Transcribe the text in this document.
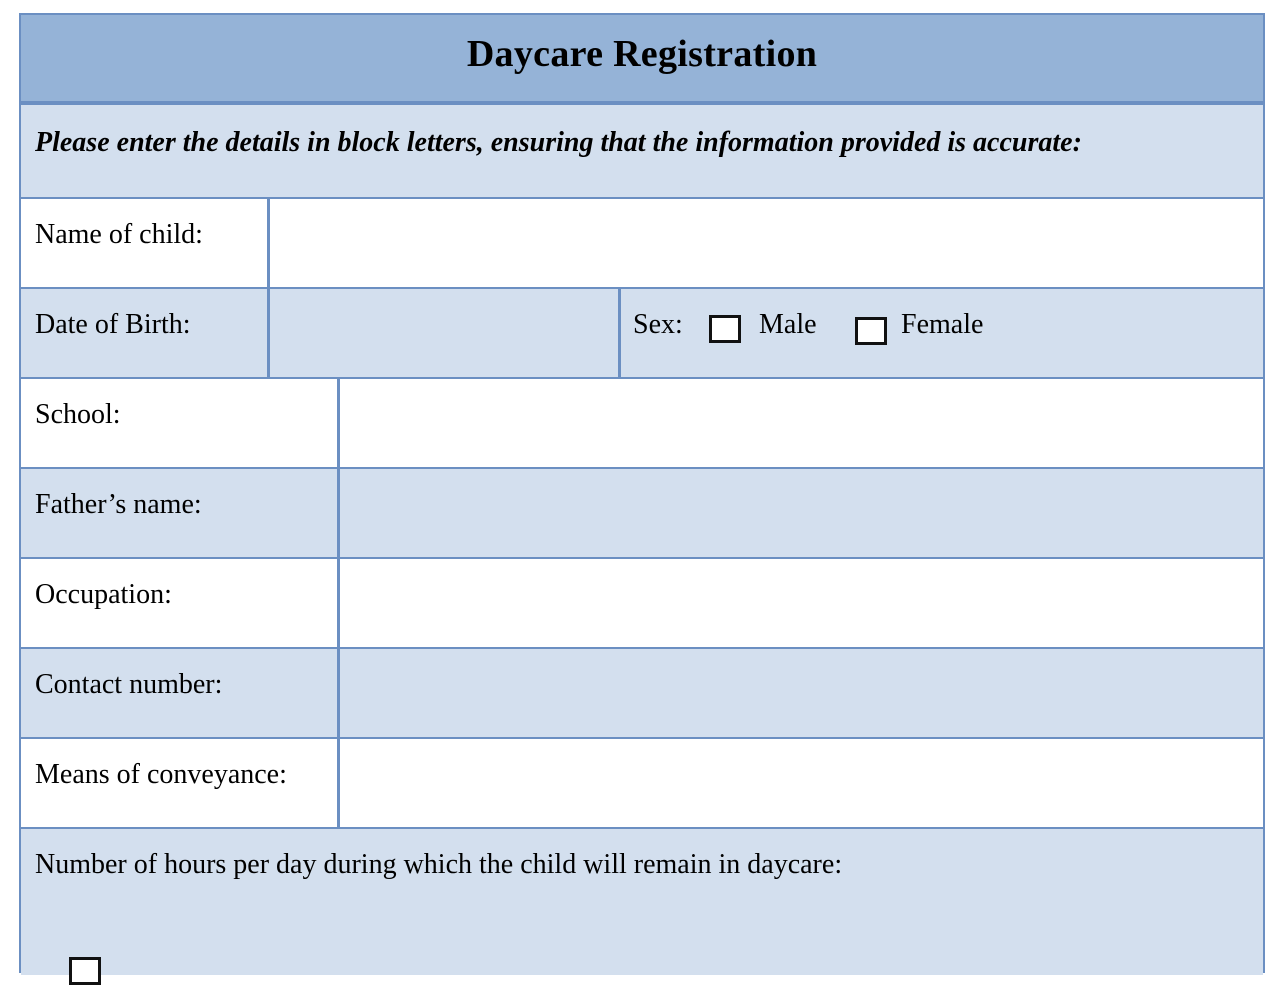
Daycare Registration
Please enter the details in block letters, ensuring that the information provided is accurate:
Name of child:
Date of Birth:	Sex:	Male	Female
School:
Father’s name:
Occupation:
Contact number:
Means of conveyance:
Number of hours per day during which the child will remain in daycare:
